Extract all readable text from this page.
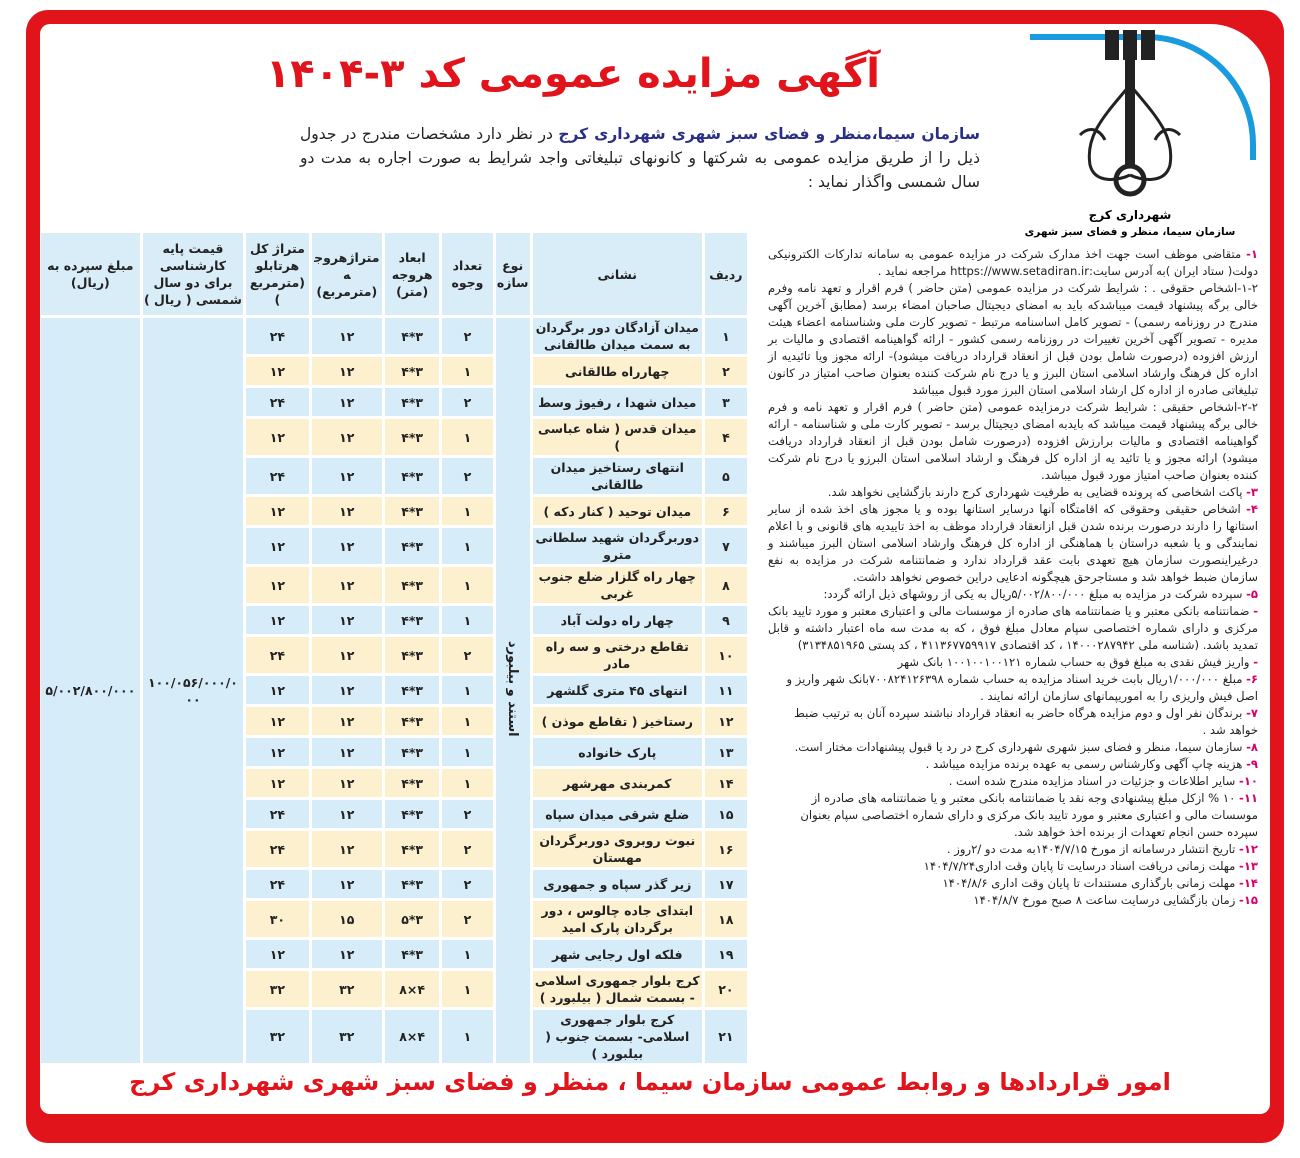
آگهی مزایده عمومی کد ۳-۱۴۰۴
سازمان سیما،منظر و فضای سبز شهری شهرداری کرج در نظر دارد مشخصات مندرج در جدول ذیل را از طریق مزایده عمومی به شرکتها و کانونهای تبلیغاتی واجد شرایط به صورت اجاره به مدت دو سال شمسی واگذار نماید :
شهرداری کرج
سازمان سیما، منظر و فضای سبز شهری
ردیف	نشانی	نوع سازه	تعداد وجوه	ابعاد هروجه (متر)	متراژهروجه (مترمربع)	متراژ کل هرتابلو (مترمربع)	قیمت پایه کارشناسی برای دو سال شمسی ( ریال )	مبلغ سپرده به (ریال)
۱	میدان آزادگان دور برگردان به سمت میدان طالقانی	استند و بیلبورد	۲	۳*۴	۱۲	۲۴	۱۰۰/۰۵۶/۰۰۰/۰۰۰	۵/۰۰۲/۸۰۰/۰۰۰
۲	چهارراه طالقانی		۱	۳*۴	۱۲	۱۲		
۳	میدان شهدا ، رفیوژ وسط		۲	۳*۴	۱۲	۲۴		
۴	میدان قدس ( شاه عباسی )		۱	۳*۴	۱۲	۱۲		
۵	انتهای رستاخیز میدان طالقانی		۲	۳*۴	۱۲	۲۴		
۶	میدان توحید ( کنار دکه )		۱	۳*۴	۱۲	۱۲		
۷	دوربرگردان شهید سلطانی مترو		۱	۳*۴	۱۲	۱۲		
۸	چهار راه گلزار ضلع جنوب غربی		۱	۳*۴	۱۲	۱۲		
۹	چهار راه دولت آباد		۱	۳*۴	۱۲	۱۲		
۱۰	تقاطع درختی و سه راه مادر		۲	۳*۴	۱۲	۲۴		
۱۱	انتهای ۴۵ متری گلشهر		۱	۳*۴	۱۲	۱۲		
۱۲	رستاخیز ( تقاطع موذن )		۱	۳*۴	۱۲	۱۲		
۱۳	پارک خانواده		۱	۳*۴	۱۲	۱۲		
۱۴	کمربندی مهرشهر		۱	۳*۴	۱۲	۱۲		
۱۵	ضلع شرقی میدان سپاه		۲	۳*۴	۱۲	۲۴		
۱۶	نبوت روبروی دوربرگردان مهستان		۲	۳*۴	۱۲	۲۴		
۱۷	زیر گذر سپاه و جمهوری		۲	۳*۴	۱۲	۲۴		
۱۸	ابتدای جاده چالوس ، دور برگردان پارک امید		۲	۳*۵	۱۵	۳۰		
۱۹	فلکه اول رجایی شهر		۱	۳*۴	۱۲	۱۲		
۲۰	کرج بلوار جمهوری اسلامی - بسمت شمال ( بیلبورد )		۱	۴×۸	۳۲	۳۲		
۲۱	کرج بلوار جمهوری اسلامی- بسمت جنوب ( بیلبورد )		۱	۴×۸	۳۲	۳۲		

۱- متقاضی موظف است جهت اخذ مدارک شرکت در مزایده عمومی به سامانه تدارکات الکترونیکی دولت( ستاد ایران )به آدرس سایت:https://www.setadiran.ir مراجعه نماید .

۱-۲-اشخاص حقوقی . : شرایط شرکت در مزایده عمومی (متن حاضر ) فرم اقرار و تعهد نامه وفرم خالی برگه پیشنهاد قیمت میباشدکه باید به امضای دیجیتال صاحبان امضاء برسد (مطابق آخرین آگهی مندرج در روزنامه رسمی) - تصویر کامل اساسنامه مرتبط - تصویر کارت ملی وشناسنامه اعضاء هیئت مدیره - تصویر آگهی آخرین تغییرات در روزنامه رسمی کشور - ارائه گواهینامه اقتصادی و مالیات بر ارزش افزوده (درصورت شامل بودن قبل از انعقاد قرارداد دریافت میشود)- ارائه مجوز ویا تائیدیه از اداره کل فرهنگ وارشاد اسلامی استان البرز و یا درج نام شرکت کننده بعنوان صاحب امتیاز در کانون تبلیغاتی صادره از اداره کل ارشاد اسلامی استان البرز مورد قبول میباشد

۲-۲-اشخاص حقیقی : شرایط شرکت درمزایده عمومی (متن حاضر ) فرم اقرار و تعهد نامه و فرم خالی برگه پیشنهاد قیمت میباشد که بایدبه امضای دیجیتال برسد - تصویر کارت ملی و شناسنامه - ارائه گواهینامه اقتصادی و مالیات برارزش افزوده (درصورت شامل بودن قبل از انعقاد قرارداد دریافت میشود) ارائه مجوز و یا تائید یه از اداره کل فرهنگ و ارشاد اسلامی استان البرزو یا درج نام شرکت کننده بعنوان صاحب امتیاز مورد قبول میباشد.

۳- پاکت اشخاصی که پرونده قضایی به طرفیت شهرداری کرج دارند بازگشایی نخواهد شد.

۴- اشخاص حقیقی وحقوقی که اقامتگاه آنها درسایر استانها بوده و یا مجوز های اخذ شده از سایر استانها را دارند درصورت برنده شدن قبل ازانعقاد قرارداد موظف به اخذ تاییدیه های قانونی و با اعلام نمایندگی و یا شعبه دراستان با هماهنگی از اداره کل فرهنگ وارشاد اسلامی استان البرز میباشند و درغیراینصورت سازمان هیچ تعهدی بابت عقد قرارداد ندارد و ضمانتنامه شرکت در مزایده به نفع سازمان ضبط خواهد شد و مستاجرحق هیچگونه ادعایی دراین خصوص نخواهد داشت.

۵- سپرده شرکت در مزایده به مبلغ ۵/۰۰۲/۸۰۰/۰۰۰ریال به یکی از روشهای ذیل ارائه گردد:

- ضمانتنامه بانکی معتبر و یا ضمانتنامه های صادره از موسسات مالی و اعتباری معتبر و مورد تایید بانک مرکزی و دارای شماره اختصاصی سپام معادل مبلغ فوق ، که به مدت سه ماه اعتبار داشته و قابل تمدید باشد. (شناسه ملی ۱۴۰۰۰۲۸۷۹۴۲ ، کد اقتصادی ۴۱۱۳۶۷۷۵۹۹۱۷ ، کد پستی ۳۱۳۴۸۵۱۹۶۵)

- واریز فیش نقدی به مبلغ فوق به حساب شماره ۱۰۰۱۰۰۱۰۰۱۲۱ بانک شهر

۶- مبلغ ۱/۰۰۰/۰۰۰ریال بابت خرید اسناد مزایده به حساب شماره ۷۰۰۸۲۴۱۲۶۳۹۸بانک شهر واریز و اصل فیش واریزی را به اموریپمانهای سازمان ارائه نمایند .

۷- برندگان نفر اول و دوم مزایده هرگاه حاضر به انعقاد قرارداد نباشند سپرده آنان به ترتیب ضبط خواهد شد .

۸- سازمان سیما، منظر و فضای سبز شهری شهرداری کرج در رد یا قبول پیشنهادات مختار است.

۹- هزینه چاپ آگهی وکارشناس رسمی به عهده برنده مزایده میباشد .

۱۰- سایر اطلاعات و جزئیات در اسناد مزایده مندرج شده است .

۱۱- ۱۰ % ازکل مبلغ پیشنهادی وجه نقد یا ضمانتنامه بانکی معتبر و یا ضمانتنامه های صادره از موسسات مالی و اعتباری معتبر و مورد تایید بانک مرکزی و دارای شماره اختصاصی سپام بعنوان سپرده حسن انجام تعهدات از برنده اخذ خواهد شد.

۱۲- تاریخ انتشار درسامانه از مورخ ۱۴۰۴/۷/۱۵به مدت دو /۲روز .

۱۳- مهلت زمانی دریافت اسناد درسایت تا پایان وقت اداری۱۴۰۴/۷/۲۴

۱۴- مهلت زمانی بارگذاری مستندات تا پایان وقت اداری ۱۴۰۴/۸/۶

۱۵- زمان بازگشایی درسایت ساعت ۸ صبح مورخ ۱۴۰۴/۸/۷

امور قراردادها و روابط عمومی سازمان سیما ، منظر و فضای سبز شهری شهرداری کرج
